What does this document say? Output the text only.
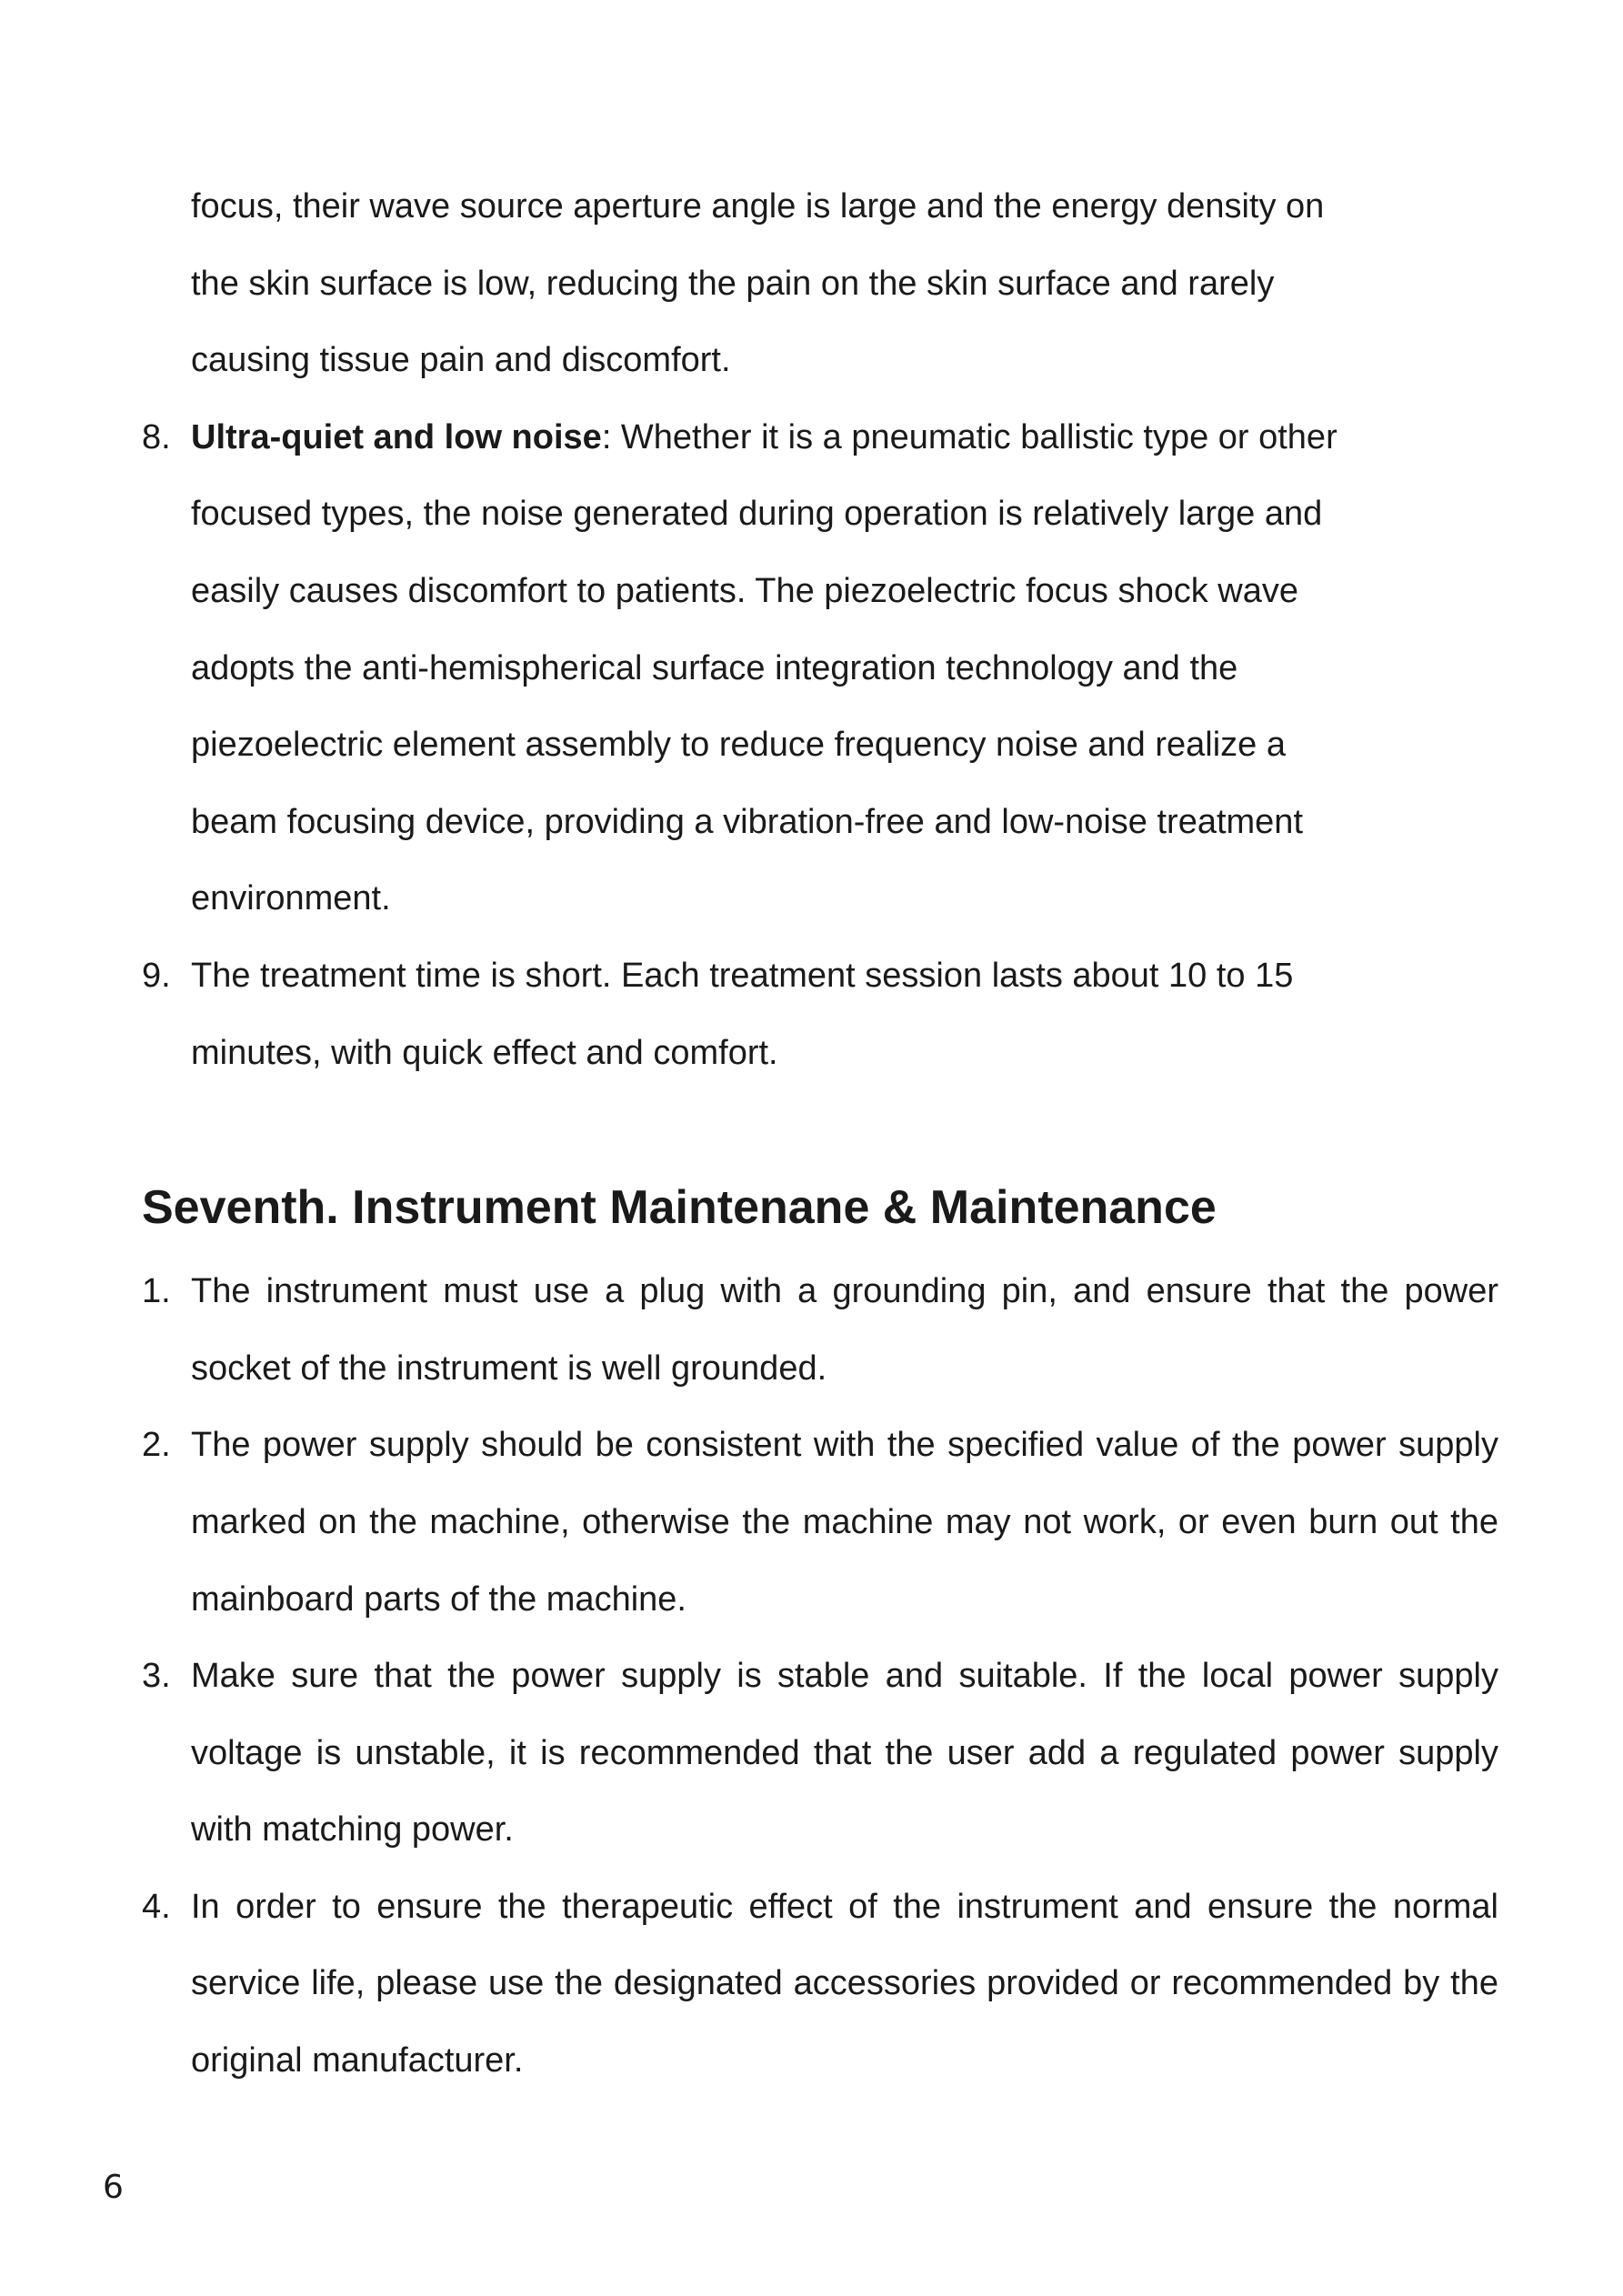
focus, their wave source aperture angle is large and the energy density on

the skin surface is low, reducing the pain on the skin surface and rarely

causing tissue pain and discomfort.

8. Ultra-quiet and low noise: Whether it is a pneumatic ballistic type or other

focused types, the noise generated during operation is relatively large and

easily causes discomfort to patients. The piezoelectric focus shock wave

adopts the anti-hemispherical surface integration technology and the

piezoelectric element assembly to reduce frequency noise and realize a

beam focusing device, providing a vibration-free and low-noise treatment

environment.

9. The treatment time is short. Each treatment session lasts about 10 to 15

minutes, with quick effect and comfort.

Seventh. Instrument Maintenane & Maintenance
1. The instrument must use a plug with a grounding pin, and ensure that the power socket of the instrument is well grounded.

2. The power supply should be consistent with the specified value of the power supply marked on the machine, otherwise the machine may not work, or even burn out the mainboard parts of the machine.

3. Make sure that the power supply is stable and suitable. If the local power supply voltage is unstable, it is recommended that the user add a regulated power supply with matching power.

4. In order to ensure the therapeutic effect of the instrument and ensure the normal service life, please use the designated accessories provided or recommended by the original manufacturer.

6
